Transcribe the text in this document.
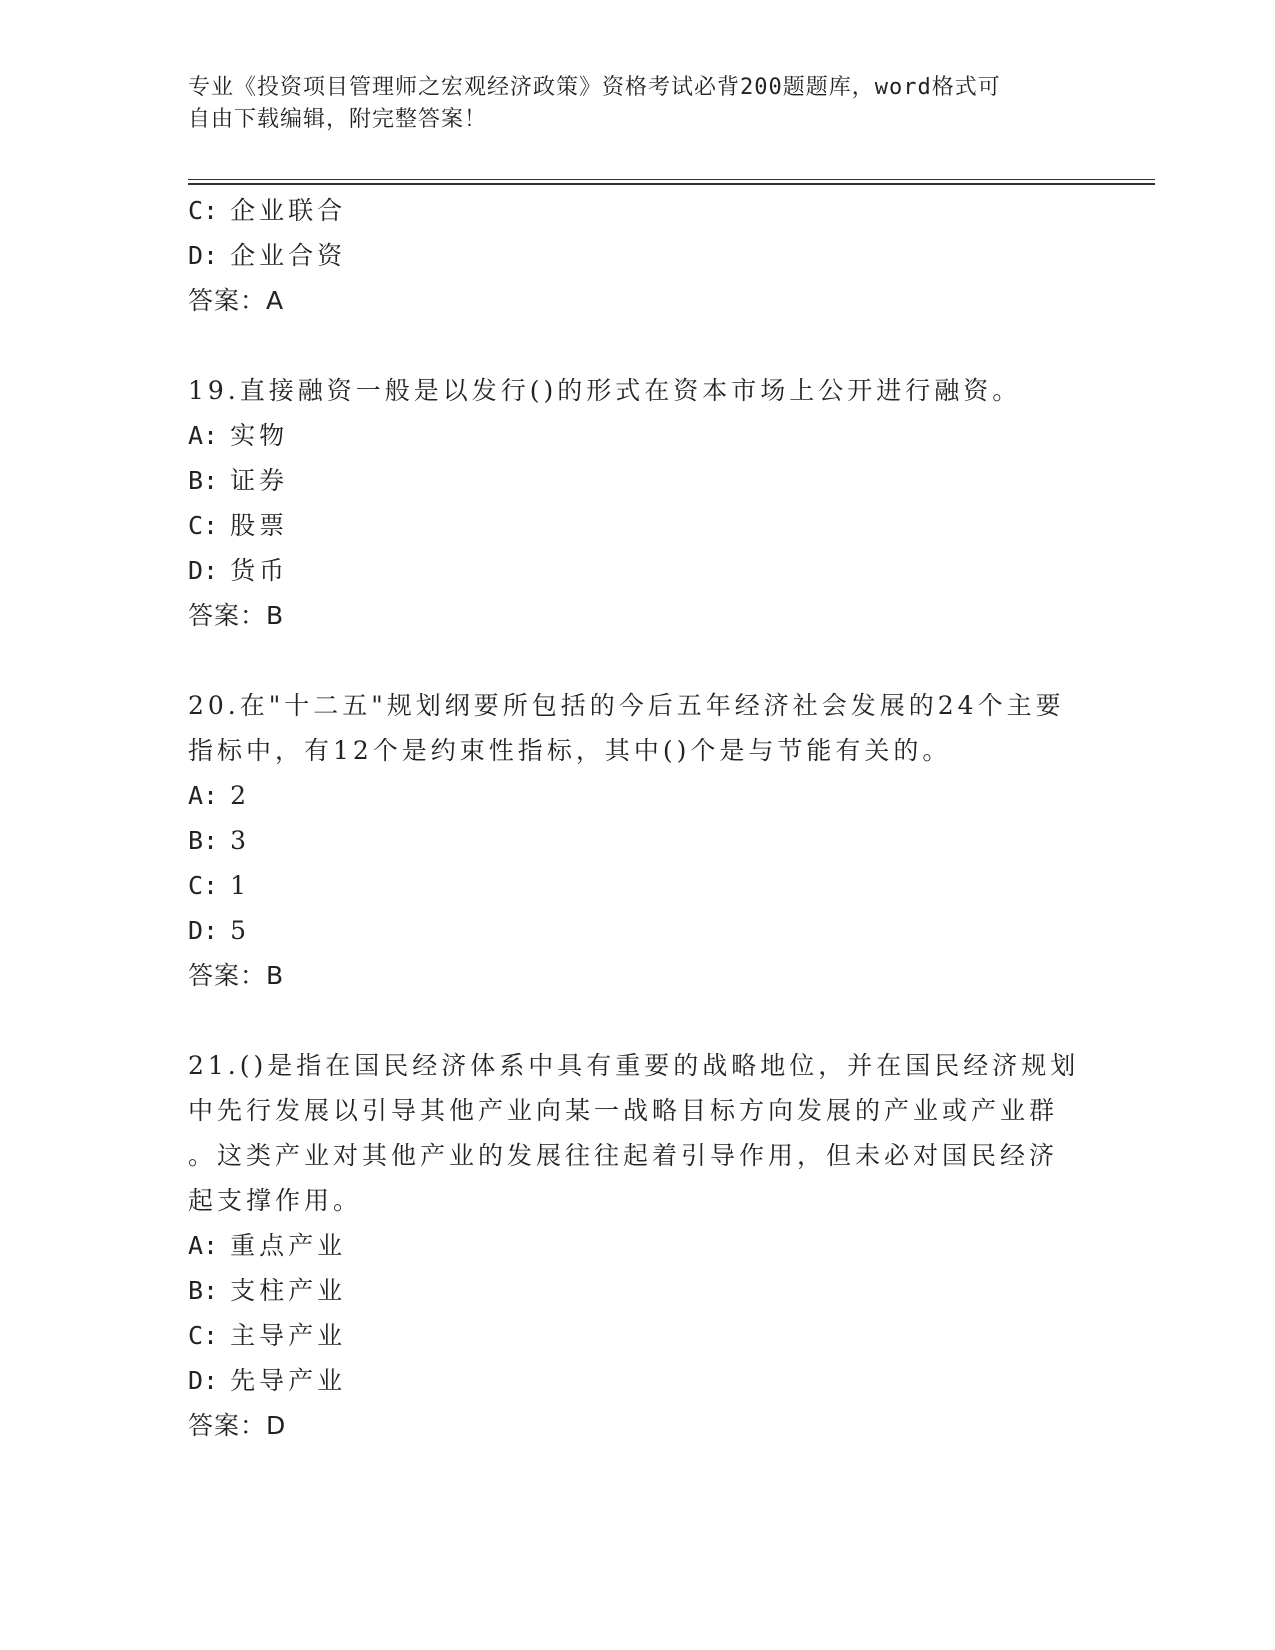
专业《投资项目管理师之宏观经济政策》资格考试必背200题题库，word格式可
自由下载编辑，附完整答案！
C: 企业联合
D: 企业合资
答案：A
19.直接融资一般是以发行()的形式在资本市场上公开进行融资。
A: 实物
B: 证券
C: 股票
D: 货币
答案：B
20.在"十二五"规划纲要所包括的今后五年经济社会发展的24个主要
指标中，有12个是约束性指标，其中()个是与节能有关的。
A: 2
B: 3
C: 1
D: 5
答案：B
21.()是指在国民经济体系中具有重要的战略地位，并在国民经济规划
中先行发展以引导其他产业向某一战略目标方向发展的产业或产业群
。这类产业对其他产业的发展往往起着引导作用，但未必对国民经济
起支撑作用。
A: 重点产业
B: 支柱产业
C: 主导产业
D: 先导产业
答案：D
